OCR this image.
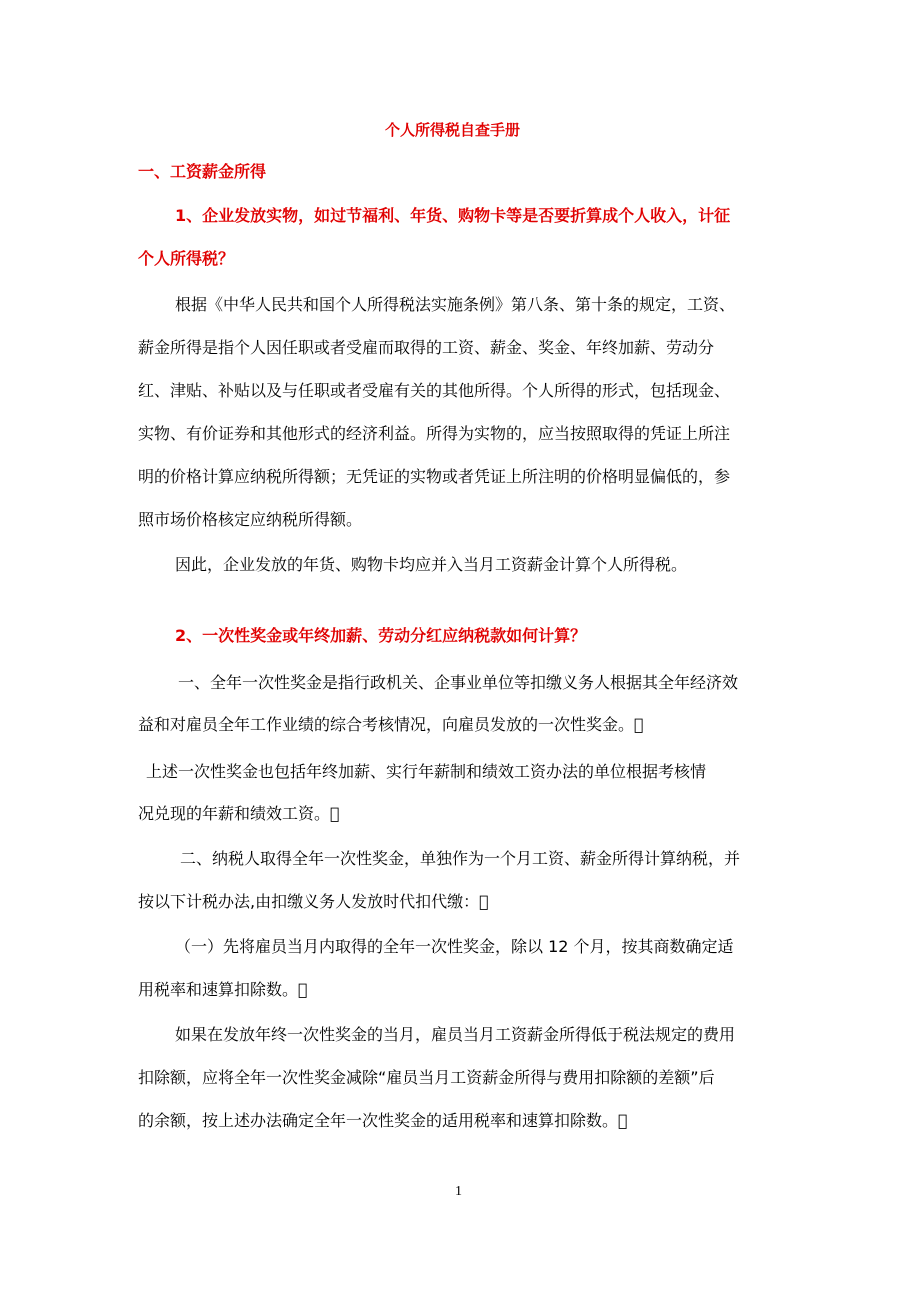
个人所得税自查手册

一、工资薪金所得

1、企业发放实物，如过节福利、年货、购物卡等是否要折算成个人收入，计征

个人所得税？

根据《中华人民共和国个人所得税法实施条例》第八条、第十条的规定，工资、

薪金所得是指个人因任职或者受雇而取得的工资、薪金、奖金、年终加薪、劳动分

红、津贴、补贴以及与任职或者受雇有关的其他所得。个人所得的形式，包括现金、

实物、有价证券和其他形式的经济利益。所得为实物的，应当按照取得的凭证上所注

明的价格计算应纳税所得额；无凭证的实物或者凭证上所注明的价格明显偏低的，参

照市场价格核定应纳税所得额。

因此，企业发放的年货、购物卡均应并入当月工资薪金计算个人所得税。

2、一次性奖金或年终加薪、劳动分红应纳税款如何计算？

一、全年一次性奖金是指行政机关、企事业单位等扣缴义务人根据其全年经济效

益和对雇员全年工作业绩的综合考核情况，向雇员发放的一次性奖金。󰁾

上述一次性奖金也包括年终加薪、实行年薪制和绩效工资办法的单位根据考核情

况兑现的年薪和绩效工资。󰁾

二、纳税人取得全年一次性奖金，单独作为一个月工资、薪金所得计算纳税，并

按以下计税办法,由扣缴义务人发放时代扣代缴：󰁾

（一）先将雇员当月内取得的全年一次性奖金，除以 12 个月，按其商数确定适

用税率和速算扣除数。󰁾

如果在发放年终一次性奖金的当月，雇员当月工资薪金所得低于税法规定的费用

扣除额，应将全年一次性奖金减除“雇员当月工资薪金所得与费用扣除额的差额”后

的余额，按上述办法确定全年一次性奖金的适用税率和速算扣除数。󰁾

1
